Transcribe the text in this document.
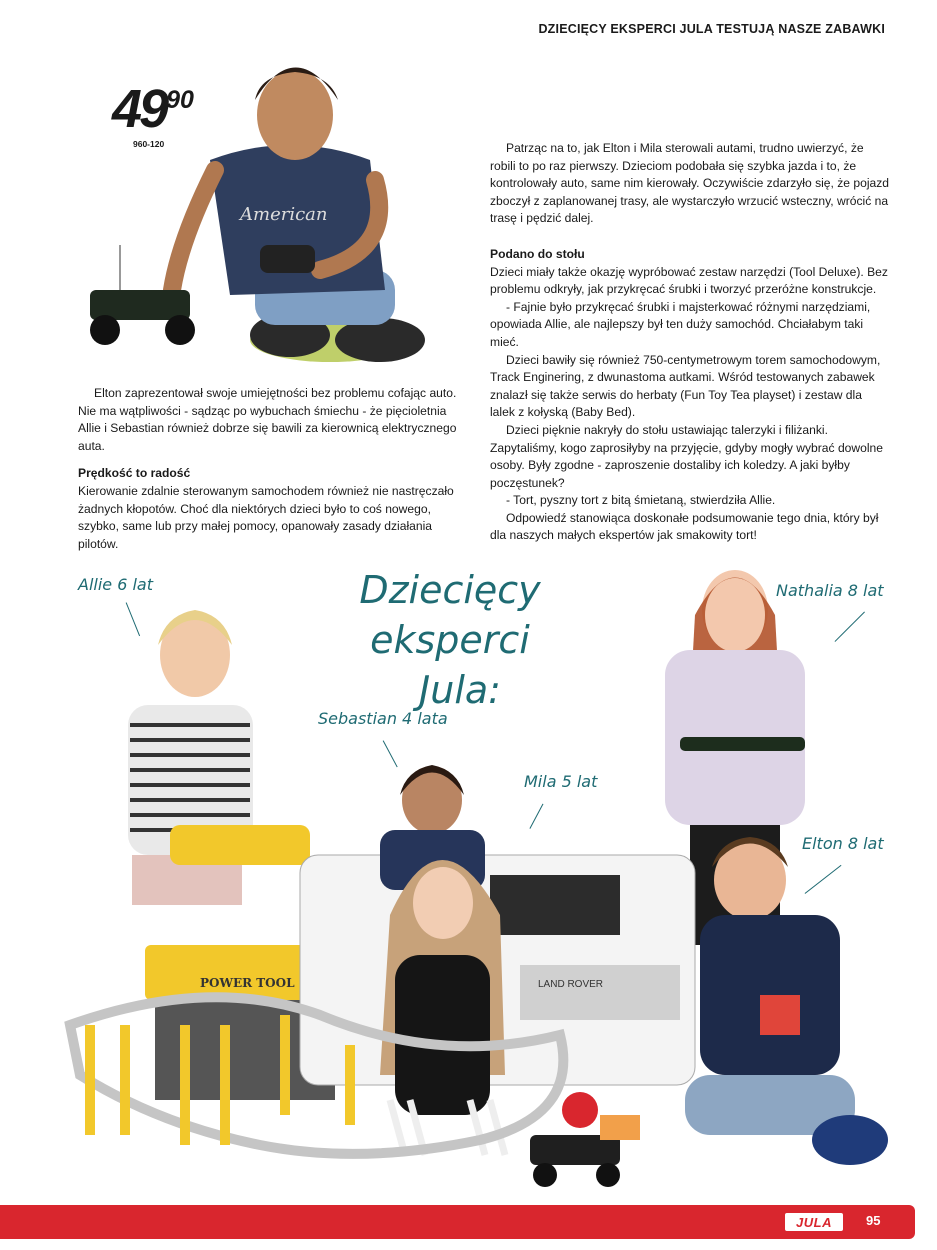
DZIECIĘCY EKSPERCI JULA TESTUJĄ NASZE ZABAWKI
American
4990
960-120	Patrząc na to, jak Elton i Mila sterowali autami, trudno uwierzyć, że robili to po raz pierwszy. Dzieciom podobała się szybka jazda i to, że kontrolowały auto, same nim kierowały. Oczywiście zdarzyło się, że pojazd zboczył z zaplanowanej trasy, ale wystarczyło wrzucić wsteczny, wrócić na trasę i pędzić dalej.

Podano do stołu

Dzieci miały także okazję wypróbować zestaw narzędzi (Tool Deluxe). Bez problemu odkryły, jak przykręcać śrubki i tworzyć przeróżne konstrukcje.

- Fajnie było przykręcać śrubki i majsterkować różnymi narzędziami, opowiada Allie, ale najlepszy był ten duży samochód. Chciałabym taki mieć.

Dzieci bawiły się również 750-centymetrowym torem samochodowym, Track Enginering, z dwunastoma autkami. Wśród testowanych zabawek znalazł się także serwis do herbaty (Fun Toy Tea playset) i zestaw dla lalek z kołyską (Baby Bed).

Dzieci pięknie nakryły do stołu ustawiając talerzyki i filiżanki. Zapytaliśmy, kogo zaprosiłyby na przyjęcie, gdyby mogły wybrać dowolne osoby. Były zgodne - zaproszenie dostaliby ich koledzy. A jaki byłby poczęstunek?

- Tort, pyszny tort z bitą śmietaną, stwierdziła Allie.

Odpowiedź stanowiąca doskonałe podsumowanie tego dnia, który był dla naszych małych ekspertów jak smakowity tort!

Elton zaprezentował swoje umiejętności bez problemu cofając auto. Nie ma wątpliwości - sądząc po wybuchach śmiechu - że pięcioletnia Allie i Sebastian również dobrze się bawili za kierownicą elektrycznego auta.

Prędkość to radość

Kierowanie zdalnie sterowanym samochodem również nie nastręczało żadnych kłopotów. Choć dla niektórych dzieci było to coś nowego, szybko, same lub przy małej pomocy, opanowały zasady działania pilotów.

POWER TOOL	LAND ROVER
Dziecięcy eksperci
Jula:
Allie 6 lat
Sebastian 4 lata
Mila 5 lat
Nathalia 8 lat
Elton 8 lat
JULA	95
